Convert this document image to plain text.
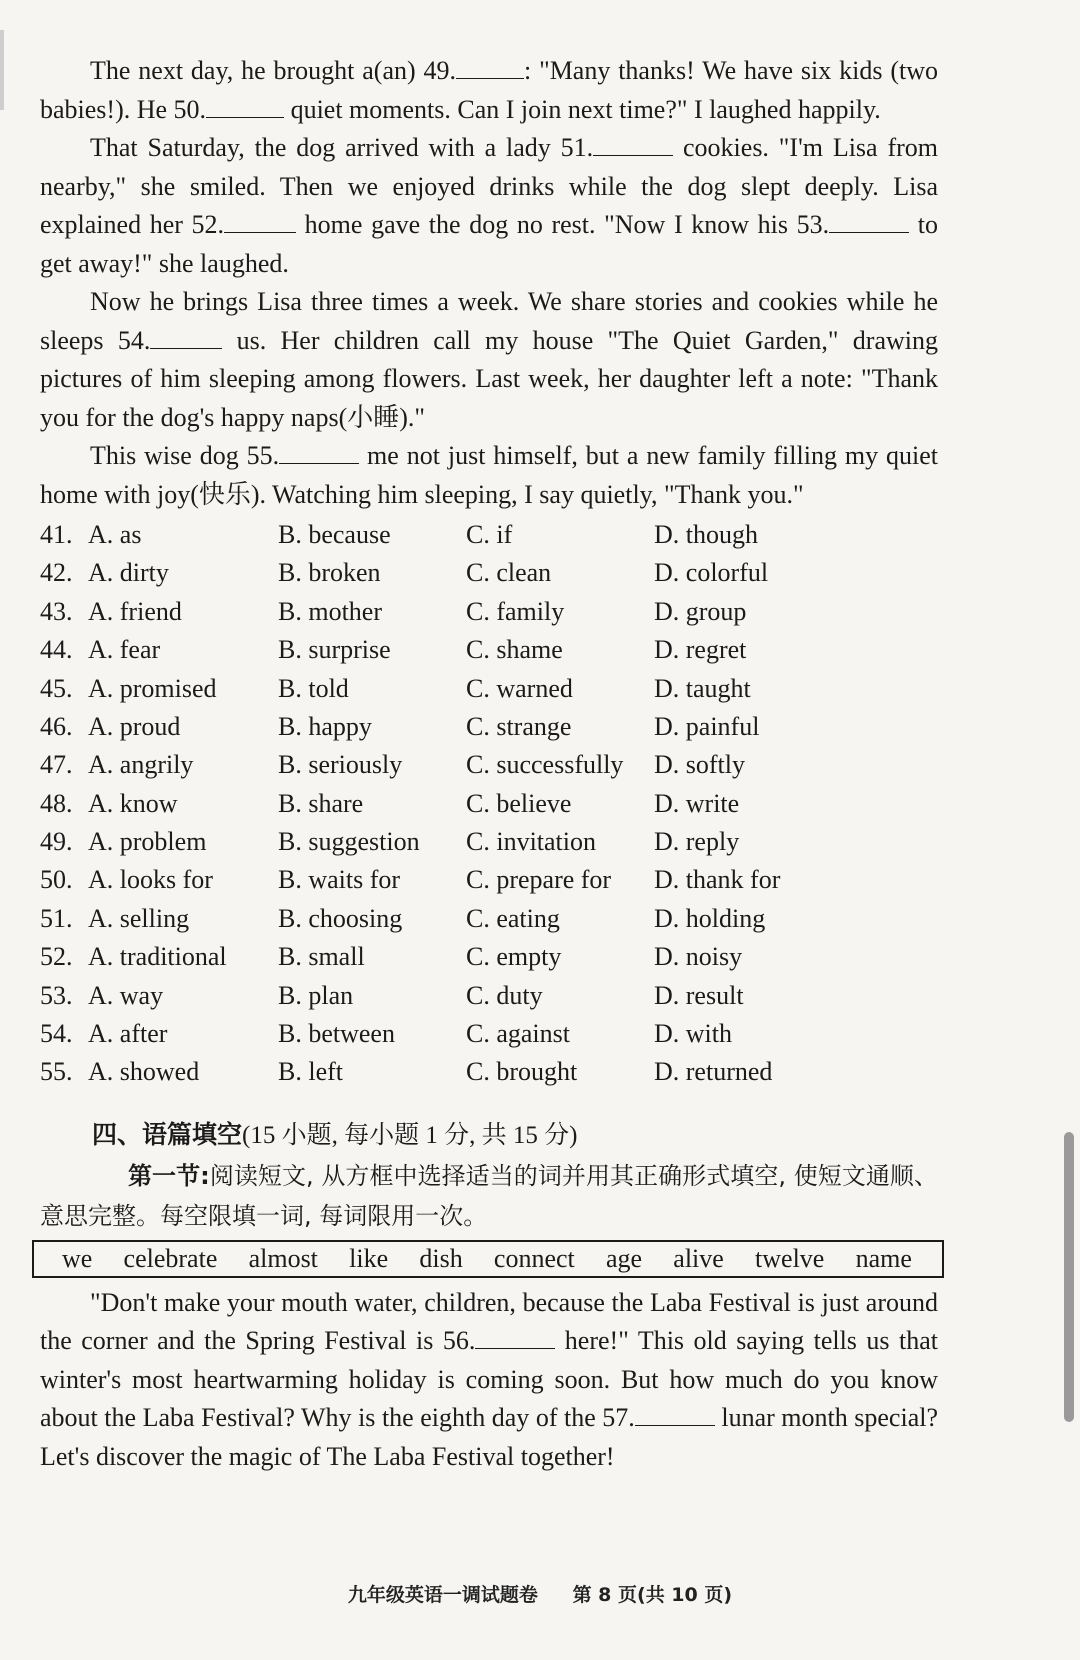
The next day, he brought a(an) 49.	: "Many thanks! We have six kids (two babies!). He 50.	quiet moments. Can I join next time?" I laughed happily.

That Saturday, the dog arrived with a lady 51.	cookies. "I'm Lisa from nearby," she smiled. Then we enjoyed drinks while the dog slept deeply. Lisa explained her 52.	home gave the dog no rest. "Now I know his 53.	to get away!" she laughed.

Now he brings Lisa three times a week. We share stories and cookies while he sleeps 54.	us. Her children call my house "The Quiet Garden," drawing pictures of him sleeping among flowers. Last week, her daughter left a note: "Thank you for the dog's happy naps(小睡)."

This wise dog 55.	me not just himself, but a new family filling my quiet home with joy(快乐). Watching him sleeping, I say quietly, "Thank you."

41. A. as	B. because	C. if	D. though
42. A. dirty	B. broken	C. clean	D. colorful
43. A. friend	B. mother	C. family	D. group
44. A. fear	B. surprise	C. shame	D. regret
45. A. promised	B. told	C. warned	D. taught
46. A. proud	B. happy	C. strange	D. painful
47. A. angrily	B. seriously	C. successfully	D. softly
48. A. know	B. share	C. believe	D. write
49. A. problem	B. suggestion	C. invitation	D. reply
50. A. looks for	B. waits for	C. prepare for	D. thank for
51. A. selling	B. choosing	C. eating	D. holding
52. A. traditional	B. small	C. empty	D. noisy
53. A. way	B. plan	C. duty	D. result
54. A. after	B. between	C. against	D. with
55. A. showed	B. left	C. brought	D. returned
四、语篇填空(15 小题, 每小题 1 分, 共 15 分)

第一节:阅读短文, 从方框中选择适当的词并用其正确形式填空, 使短文通顺、意思完整。每空限填一词, 每词限用一次。

we celebrate almost like dish connect age alive twelve name

"Don't make your mouth water, children, because the Laba Festival is just around the corner and the Spring Festival is 56.	here!" This old saying tells us that winter's most heartwarming holiday is coming soon. But how much do you know about the Laba Festival? Why is the eighth day of the 57.	lunar month special? Let's discover the magic of The Laba Festival together!

九年级英语一调试题卷 第 8 页(共 10 页)
